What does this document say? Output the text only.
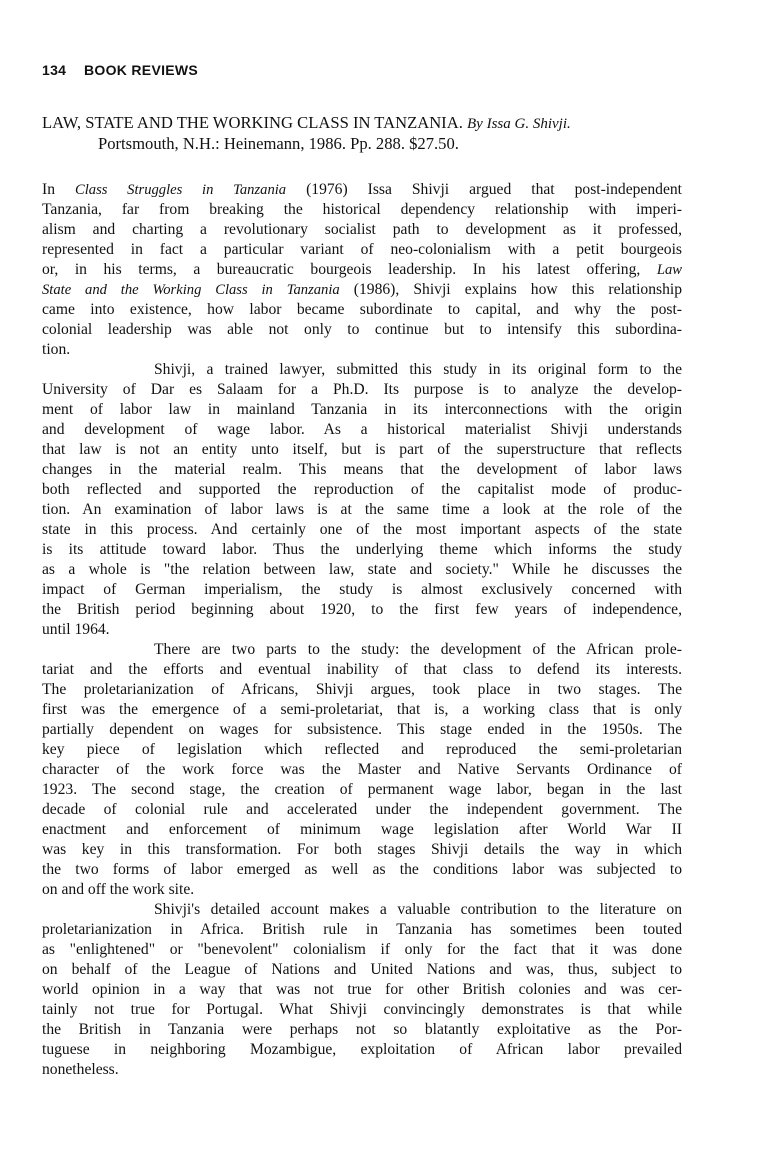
134 BOOK REVIEWS
LAW, STATE AND THE WORKING CLASS IN TANZANIA. By Issa G. Shivji.
Portsmouth, N.H.: Heinemann, 1986. Pp. 288. $27.50.
In Class Struggles in Tanzania (1976) Issa Shivji argued that post-independent
Tanzania, far from breaking the historical dependency relationship with imperi-
alism and charting a revolutionary socialist path to development as it professed,
represented in fact a particular variant of neo-colonialism with a petit bourgeois
or, in his terms, a bureaucratic bourgeois leadership. In his latest offering, Law
State and the Working Class in Tanzania (1986), Shivji explains how this relationship
came into existence, how labor became subordinate to capital, and why the post-
colonial leadership was able not only to continue but to intensify this subordina-
tion.
Shivji, a trained lawyer, submitted this study in its original form to the
University of Dar es Salaam for a Ph.D. Its purpose is to analyze the develop-
ment of labor law in mainland Tanzania in its interconnections with the origin
and development of wage labor. As a historical materialist Shivji understands
that law is not an entity unto itself, but is part of the superstructure that reflects
changes in the material realm. This means that the development of labor laws
both reflected and supported the reproduction of the capitalist mode of produc-
tion. An examination of labor laws is at the same time a look at the role of the
state in this process. And certainly one of the most important aspects of the state
is its attitude toward labor. Thus the underlying theme which informs the study
as a whole is "the relation between law, state and society." While he discusses the
impact of German imperialism, the study is almost exclusively concerned with
the British period beginning about 1920, to the first few years of independence,
until 1964.
There are two parts to the study: the development of the African prole-
tariat and the efforts and eventual inability of that class to defend its interests.
The proletarianization of Africans, Shivji argues, took place in two stages. The
first was the emergence of a semi-proletariat, that is, a working class that is only
partially dependent on wages for subsistence. This stage ended in the 1950s. The
key piece of legislation which reflected and reproduced the semi-proletarian
character of the work force was the Master and Native Servants Ordinance of
1923. The second stage, the creation of permanent wage labor, began in the last
decade of colonial rule and accelerated under the independent government. The
enactment and enforcement of minimum wage legislation after World War II
was key in this transformation. For both stages Shivji details the way in which
the two forms of labor emerged as well as the conditions labor was subjected to
on and off the work site.
Shivji's detailed account makes a valuable contribution to the literature on
proletarianization in Africa. British rule in Tanzania has sometimes been touted
as "enlightened" or "benevolent" colonialism if only for the fact that it was done
on behalf of the League of Nations and United Nations and was, thus, subject to
world opinion in a way that was not true for other British colonies and was cer-
tainly not true for Portugal. What Shivji convincingly demonstrates is that while
the British in Tanzania were perhaps not so blatantly exploitative as the Por-
tuguese in neighboring Mozambigue, exploitation of African labor prevailed
nonetheless.
